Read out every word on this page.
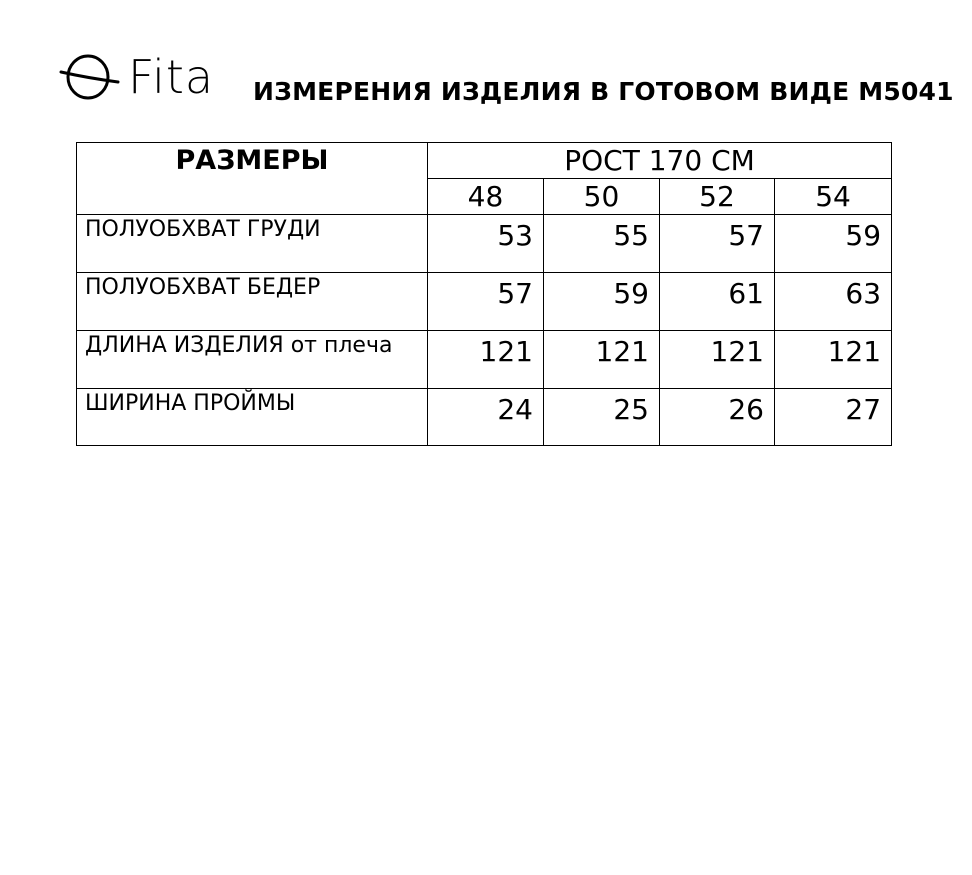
Fita ИЗМЕРЕНИЯ ИЗДЕЛИЯ В ГОТОВОМ ВИДЕ М5041
РАЗМЕРЫ	РОСТ 170 СМ			
	48	50	52	54
ПОЛУОБХВАТ ГРУДИ	53	55	57	59
ПОЛУОБХВАТ БЕДЕР	57	59	61	63
ДЛИНА ИЗДЕЛИЯ от плеча	121	121	121	121
ШИРИНА ПРОЙМЫ	24	25	26	27
